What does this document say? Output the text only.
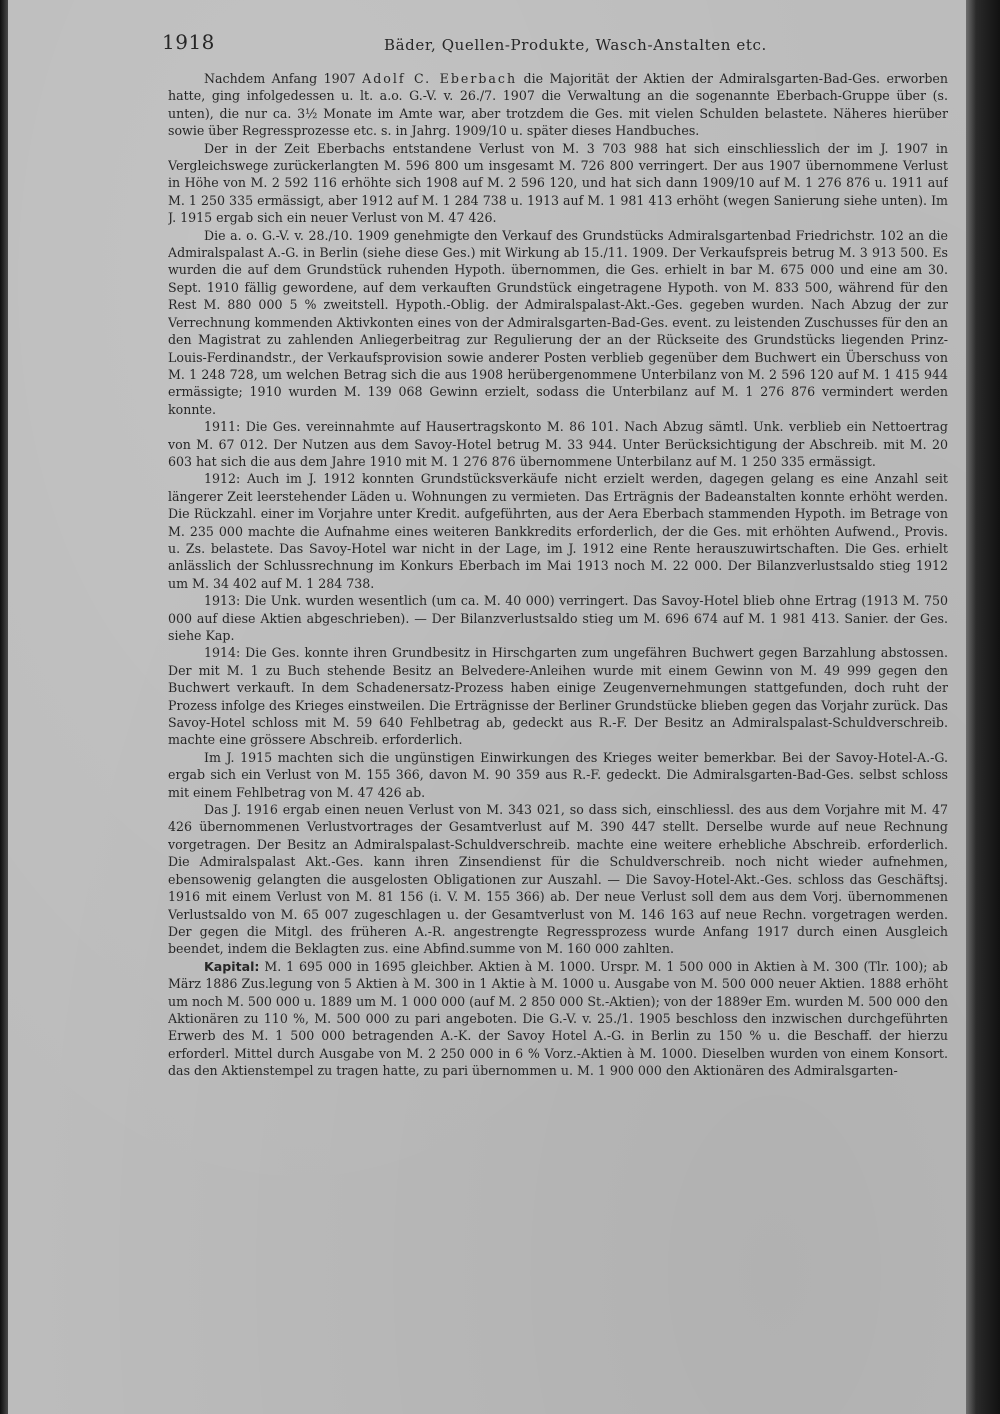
1918	Bäder, Quellen-Produkte, Wasch-Anstalten etc.

Nachdem Anfang 1907 Adolf C. Eberbach die Majorität der Aktien der Admiralsgarten-Bad-Ges. erworben hatte, ging infolgedessen u. lt. a.o. G.-V. v. 26./7. 1907 die Verwaltung an die sogenannte Eberbach-Gruppe über (s. unten), die nur ca. 3½ Monate im Amte war, aber trotzdem die Ges. mit vielen Schulden belastete. Näheres hierüber sowie über Regressprozesse etc. s. in Jahrg. 1909/10 u. später dieses Handbuches.

Der in der Zeit Eberbachs entstandene Verlust von M. 3 703 988 hat sich einschliesslich der im J. 1907 in Vergleichswege zurückerlangten M. 596 800 um insgesamt M. 726 800 verringert. Der aus 1907 übernommene Verlust in Höhe von M. 2 592 116 erhöhte sich 1908 auf M. 2 596 120, und hat sich dann 1909/10 auf M. 1 276 876 u. 1911 auf M. 1 250 335 ermässigt, aber 1912 auf M. 1 284 738 u. 1913 auf M. 1 981 413 erhöht (wegen Sanierung siehe unten). Im J. 1915 ergab sich ein neuer Verlust von M. 47 426.

Die a. o. G.-V. v. 28./10. 1909 genehmigte den Verkauf des Grundstücks Admiralsgartenbad Friedrichstr. 102 an die Admiralspalast A.-G. in Berlin (siehe diese Ges.) mit Wirkung ab 15./11. 1909. Der Verkaufspreis betrug M. 3 913 500. Es wurden die auf dem Grundstück ruhenden Hypoth. übernommen, die Ges. erhielt in bar M. 675 000 und eine am 30. Sept. 1910 fällig gewordene, auf dem verkauften Grundstück eingetragene Hypoth. von M. 833 500, während für den Rest M. 880 000 5 % zweitstell. Hypoth.-Oblig. der Admiralspalast-Akt.-Ges. gegeben wurden. Nach Abzug der zur Verrechnung kommenden Aktivkonten eines von der Admiralsgarten-Bad-Ges. event. zu leistenden Zuschusses für den an den Magistrat zu zahlenden Anliegerbeitrag zur Regulierung der an der Rückseite des Grundstücks liegenden Prinz-Louis-Ferdinandstr., der Verkaufsprovision sowie anderer Posten verblieb gegenüber dem Buchwert ein Überschuss von M. 1 248 728, um welchen Betrag sich die aus 1908 herübergenommene Unterbilanz von M. 2 596 120 auf M. 1 415 944 ermässigte; 1910 wurden M. 139 068 Gewinn erzielt, sodass die Unterbilanz auf M. 1 276 876 vermindert werden konnte.

1911: Die Ges. vereinnahmte auf Hausertragskonto M. 86 101. Nach Abzug sämtl. Unk. verblieb ein Nettoertrag von M. 67 012. Der Nutzen aus dem Savoy-Hotel betrug M. 33 944. Unter Berücksichtigung der Abschreib. mit M. 20 603 hat sich die aus dem Jahre 1910 mit M. 1 276 876 übernommene Unterbilanz auf M. 1 250 335 ermässigt.

1912: Auch im J. 1912 konnten Grundstücksverkäufe nicht erzielt werden, dagegen gelang es eine Anzahl seit längerer Zeit leerstehender Läden u. Wohnungen zu vermieten. Das Erträgnis der Badeanstalten konnte erhöht werden. Die Rückzahl. einer im Vorjahre unter Kredit. aufgeführten, aus der Aera Eberbach stammenden Hypoth. im Betrage von M. 235 000 machte die Aufnahme eines weiteren Bankkredits erforderlich, der die Ges. mit erhöhten Aufwend., Provis. u. Zs. belastete. Das Savoy-Hotel war nicht in der Lage, im J. 1912 eine Rente herauszuwirtschaften. Die Ges. erhielt anlässlich der Schlussrechnung im Konkurs Eberbach im Mai 1913 noch M. 22 000. Der Bilanzverlustsaldo stieg 1912 um M. 34 402 auf M. 1 284 738.

1913: Die Unk. wurden wesentlich (um ca. M. 40 000) verringert. Das Savoy-Hotel blieb ohne Ertrag (1913 M. 750 000 auf diese Aktien abgeschrieben). — Der Bilanzverlustsaldo stieg um M. 696 674 auf M. 1 981 413. Sanier. der Ges. siehe Kap.

1914: Die Ges. konnte ihren Grundbesitz in Hirschgarten zum ungefähren Buchwert gegen Barzahlung abstossen. Der mit M. 1 zu Buch stehende Besitz an Belvedere-Anleihen wurde mit einem Gewinn von M. 49 999 gegen den Buchwert verkauft. In dem Schadenersatz-Prozess haben einige Zeugenvernehmungen stattgefunden, doch ruht der Prozess infolge des Krieges einstweilen. Die Erträgnisse der Berliner Grundstücke blieben gegen das Vorjahr zurück. Das Savoy-Hotel schloss mit M. 59 640 Fehlbetrag ab, gedeckt aus R.-F. Der Besitz an Admiralspalast-Schuldverschreib. machte eine grössere Abschreib. erforderlich.

Im J. 1915 machten sich die ungünstigen Einwirkungen des Krieges weiter bemerkbar. Bei der Savoy-Hotel-A.-G. ergab sich ein Verlust von M. 155 366, davon M. 90 359 aus R.-F. gedeckt. Die Admiralsgarten-Bad-Ges. selbst schloss mit einem Fehlbetrag von M. 47 426 ab.

Das J. 1916 ergab einen neuen Verlust von M. 343 021, so dass sich, einschliessl. des aus dem Vorjahre mit M. 47 426 übernommenen Verlustvortrages der Gesamtverlust auf M. 390 447 stellt. Derselbe wurde auf neue Rechnung vorgetragen. Der Besitz an Admiralspalast-Schuldverschreib. machte eine weitere erhebliche Abschreib. erforderlich. Die Admiralspalast Akt.-Ges. kann ihren Zinsendienst für die Schuldverschreib. noch nicht wieder aufnehmen, ebensowenig gelangten die ausgelosten Obligationen zur Auszahl. — Die Savoy-Hotel-Akt.-Ges. schloss das Geschäftsj. 1916 mit einem Verlust von M. 81 156 (i. V. M. 155 366) ab. Der neue Verlust soll dem aus dem Vorj. übernommenen Verlustsaldo von M. 65 007 zugeschlagen u. der Gesamtverlust von M. 146 163 auf neue Rechn. vorgetragen werden. Der gegen die Mitgl. des früheren A.-R. angestrengte Regressprozess wurde Anfang 1917 durch einen Ausgleich beendet, indem die Beklagten zus. eine Abfind.summe von M. 160 000 zahlten.

Kapital: M. 1 695 000 in 1695 gleichber. Aktien à M. 1000. Urspr. M. 1 500 000 in Aktien à M. 300 (Tlr. 100); ab März 1886 Zus.legung von 5 Aktien à M. 300 in 1 Aktie à M. 1000 u. Ausgabe von M. 500 000 neuer Aktien. 1888 erhöht um noch M. 500 000 u. 1889 um M. 1 000 000 (auf M. 2 850 000 St.-Aktien); von der 1889er Em. wurden M. 500 000 den Aktionären zu 110 %, M. 500 000 zu pari angeboten. Die G.-V. v. 25./1. 1905 beschloss den inzwischen durchgeführten Erwerb des M. 1 500 000 betragenden A.-K. der Savoy Hotel A.-G. in Berlin zu 150 % u. die Beschaff. der hierzu erforderl. Mittel durch Ausgabe von M. 2 250 000 in 6 % Vorz.-Aktien à M. 1000. Dieselben wurden von einem Konsort. das den Aktienstempel zu tragen hatte, zu pari übernommen u. M. 1 900 000 den Aktionären des Admiralsgarten-
